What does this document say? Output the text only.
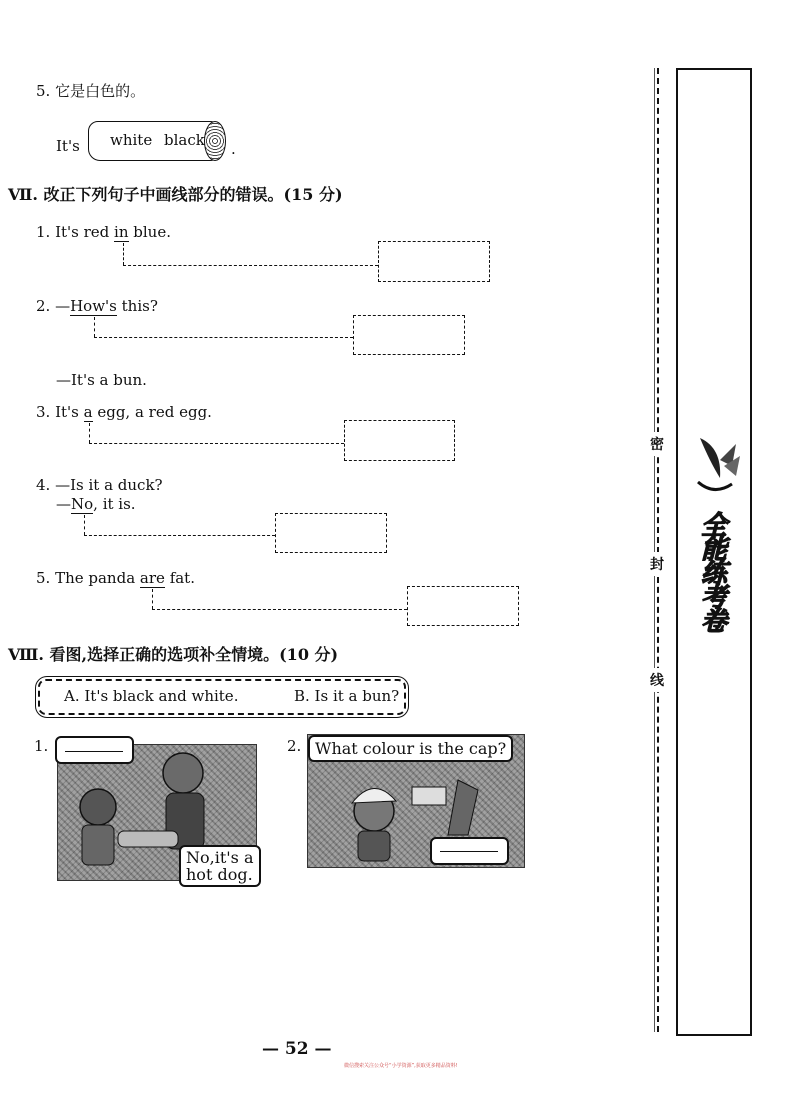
5. 它是白色的。
It's white black .
Ⅶ. 改正下列句子中画线部分的错误。(15 分)
1. It's red in blue.
2. —How's this?
—It's a bun.
3. It's a egg, a red egg.
4. —Is it a duck?
—No, it is.
5. The panda are fat.
Ⅷ. 看图,选择正确的选项补全情境。(10 分)
A. It's black and white.	B. Is it a bun?
1.
No,it's a
hot dog.
2. What colour is the cap?
密
封
线
全能练考卷
— 52 —
微信搜索关注公众号“小学资源”,获取更多精品资料!
